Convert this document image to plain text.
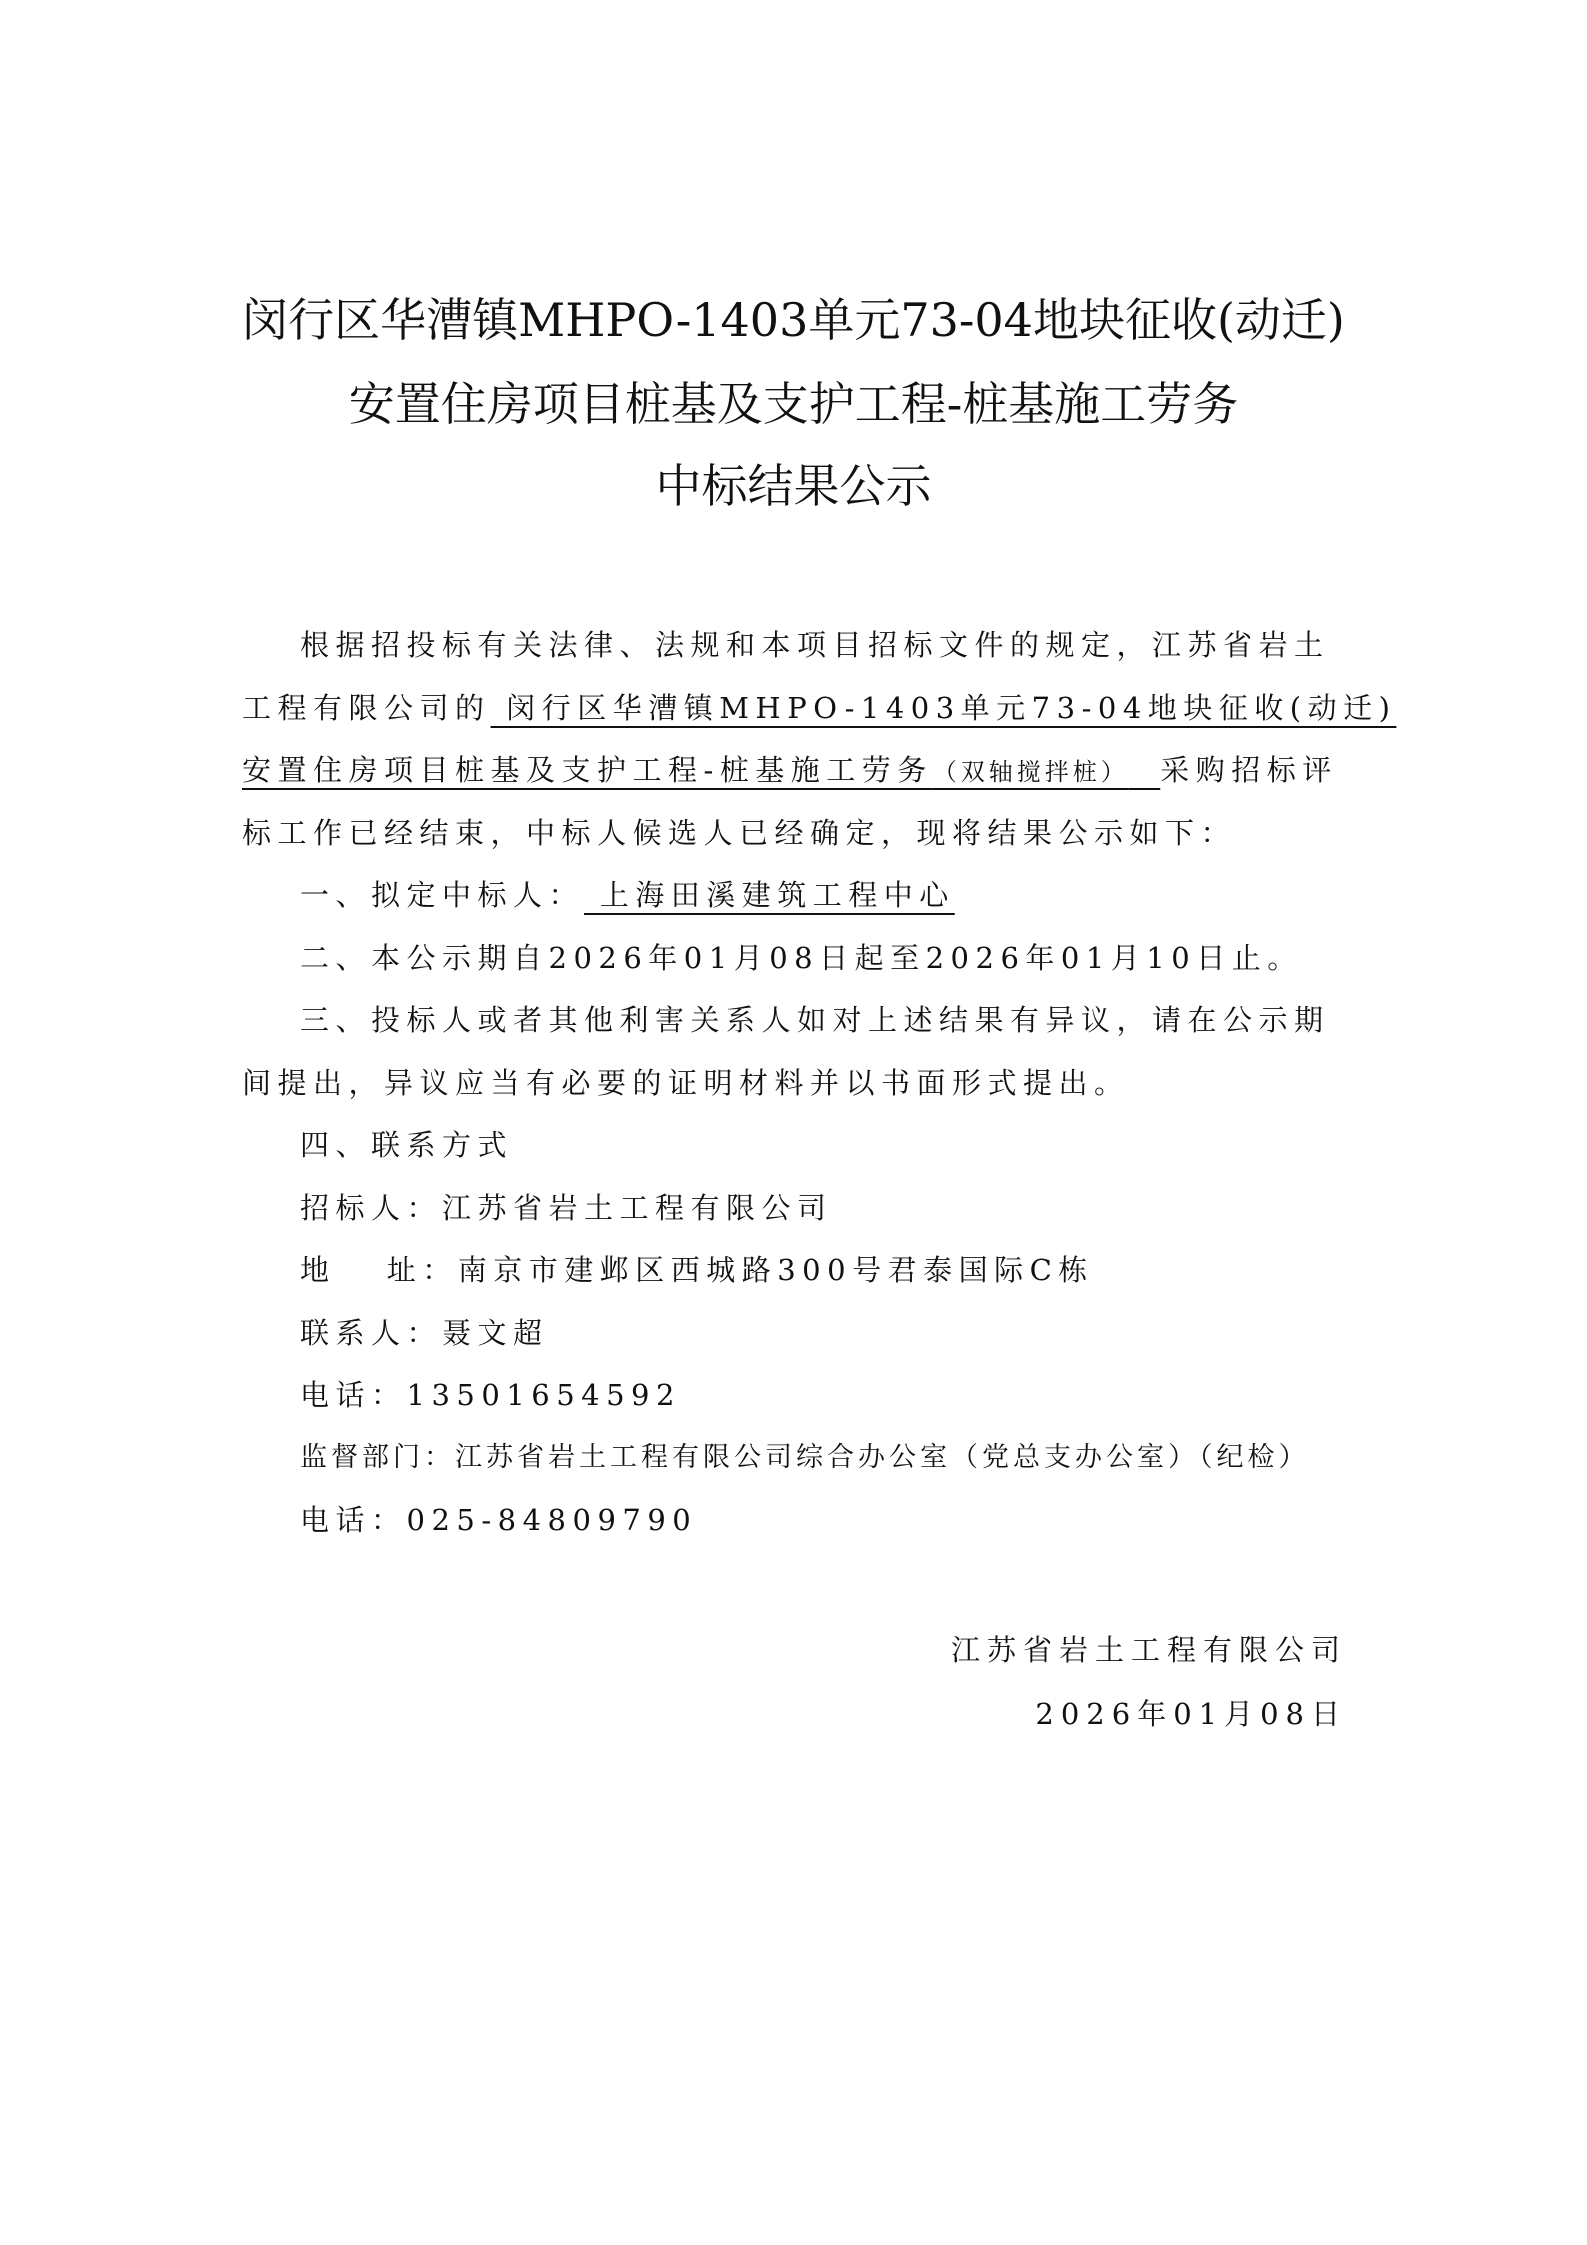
闵行区华漕镇MHPO-1403单元73-04地块征收(动迁)
安置住房项目桩基及支护工程-桩基施工劳务
中标结果公示
根据招投标有关法律、法规和本项目招标文件的规定，江苏省岩土
工程有限公司的 闵行区华漕镇MHPO-1403单元73-04地块征收(动迁)
安置住房项目桩基及支护工程-桩基施工劳务（双轴搅拌桩） 采购招标评
标工作已经结束，中标人候选人已经确定，现将结果公示如下：
一、拟定中标人： 上海田溪建筑工程中心
二、本公示期自2026年01月08日起至2026年01月10日止。
三、投标人或者其他利害关系人如对上述结果有异议，请在公示期
间提出，异议应当有必要的证明材料并以书面形式提出。
四、联系方式
招标人：江苏省岩土工程有限公司
地　 址：南京市建邺区西城路300号君泰国际C栋
联系人：聂文超
电话：13501654592
监督部门：江苏省岩土工程有限公司综合办公室（党总支办公室）（纪检）
电话：025-84809790
江苏省岩土工程有限公司
2026年01月08日
